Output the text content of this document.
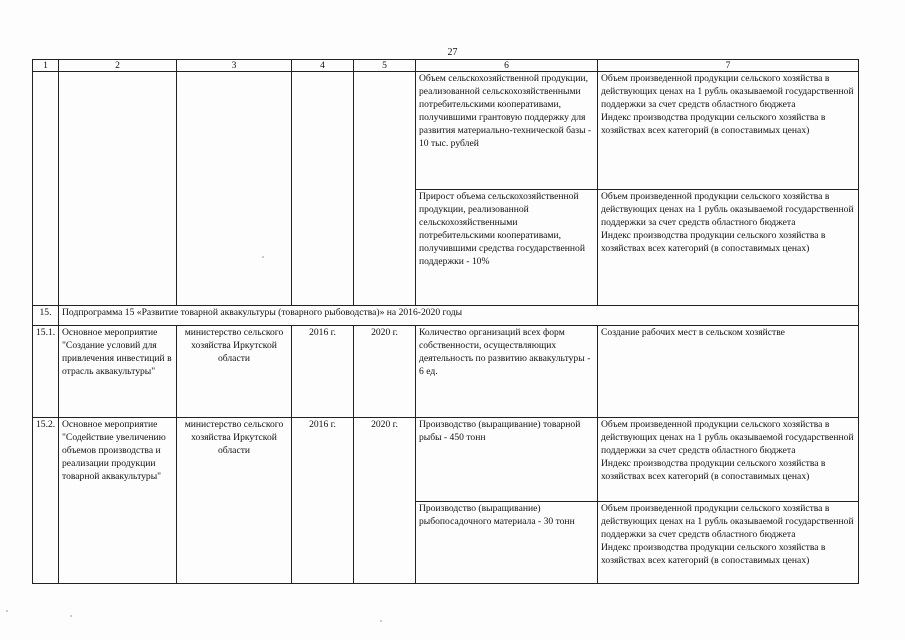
27
1	2	3	4	5	6	7
					Объем сельскохозяйственной продукции, реализованной сельскохозяйственными потребительскими кооперативами, получившими грантовую поддержку для развития материально-технической базы - 10 тыс. рублей	Объем произведенной продукции сельского хозяйства в действующих ценах на 1 рубль оказываемой государственной поддержки за счет средств областного бюджета
Индекс производства продукции сельского хозяйства в хозяйствах всех категорий (в сопоставимых ценах)
					Прирост объема сельскохозяйственной продукции, реализованной сельскохозяйственными потребительскими кооперативами, получившими средства государственной поддержки - 10%	Объем произведенной продукции сельского хозяйства в действующих ценах на 1 рубль оказываемой государственной поддержки за счет средств областного бюджета
Индекс производства продукции сельского хозяйства в хозяйствах всех категорий (в сопоставимых ценах)
15.	Подпрограмма 15 «Развитие товарной аквакультуры (товарного рыбоводства)» на 2016-2020 годы					
15.1.	Основное мероприятие "Создание условий для привлечения инвестиций в отрасль аквакультуры"	министерство сельского хозяйства Иркутской области	2016 г.	2020 г.	Количество организаций всех форм собственности, осуществляющих деятельность по развитию аквакультуры - 6 ед.	Создание рабочих мест в сельском хозяйстве
15.2.	Основное мероприятие "Содействие увеличению объемов производства и реализации продукции товарной аквакультуры"	министерство сельского хозяйства Иркутской области	2016 г.	2020 г.	Производство (выращивание) товарной рыбы - 450 тонн	Объем произведенной продукции сельского хозяйства в действующих ценах на 1 рубль оказываемой государственной поддержки за счет средств областного бюджета
Индекс производства продукции сельского хозяйства в хозяйствах всех категорий (в сопоставимых ценах)
					Производство (выращивание) рыбопосадочного материала - 30 тонн	Объем произведенной продукции сельского хозяйства в действующих ценах на 1 рубль оказываемой государственной поддержки за счет средств областного бюджета
Индекс производства продукции сельского хозяйства в хозяйствах всех категорий (в сопоставимых ценах)
